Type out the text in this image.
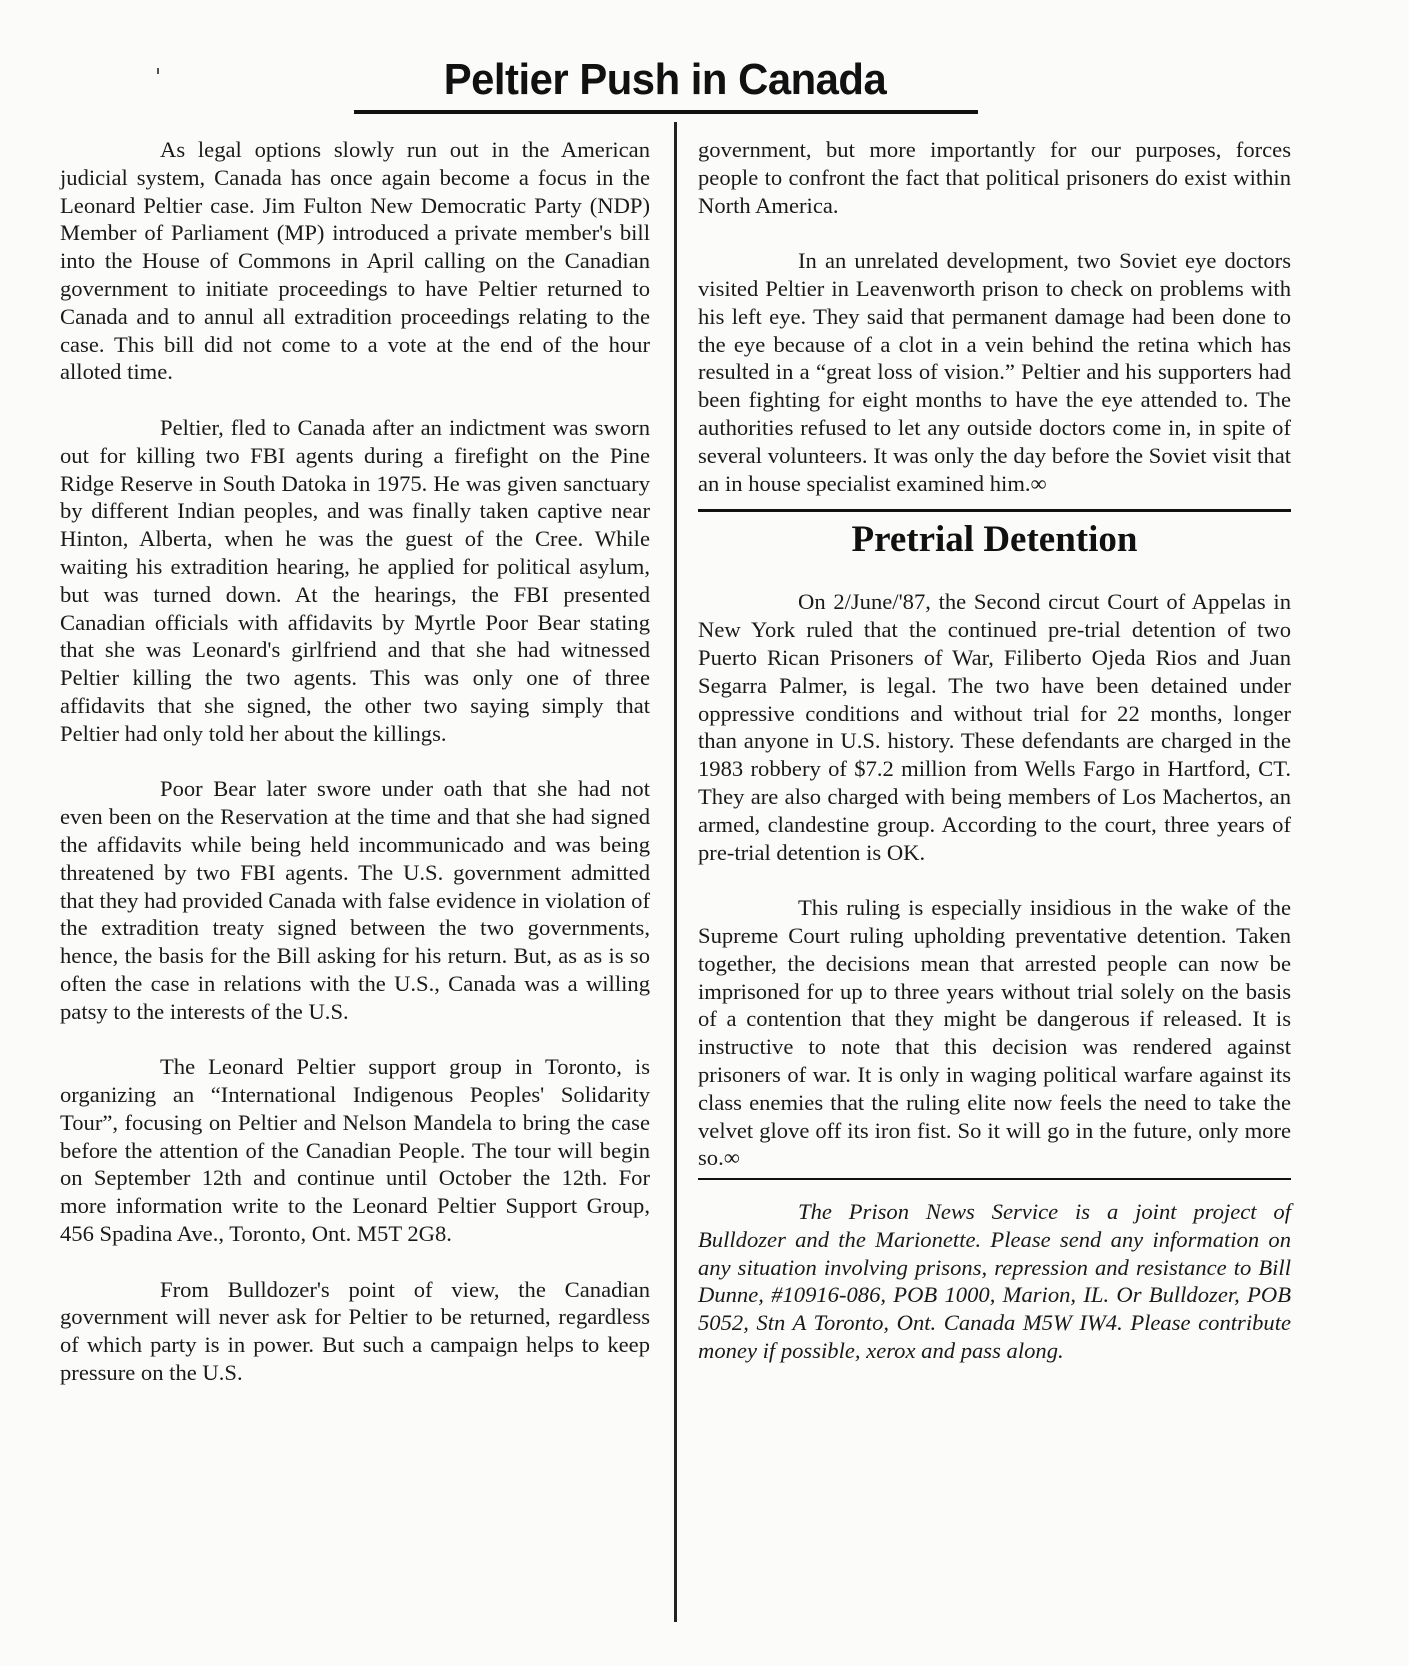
Peltier Push in Canada

As legal options slowly run out in the American judicial system, Canada has once again become a focus in the Leonard Peltier case. Jim Fulton New Democratic Party (NDP) Member of Parliament (MP) introduced a private member's bill into the House of Commons in April calling on the Canadian government to initiate proceedings to have Peltier returned to Canada and to annul all extradition proceedings relating to the case. This bill did not come to a vote at the end of the hour alloted time.

Peltier, fled to Canada after an indictment was sworn out for killing two FBI agents during a firefight on the Pine Ridge Reserve in South Datoka in 1975. He was given sanctuary by different Indian peoples, and was finally taken captive near Hinton, Alberta, when he was the guest of the Cree. While waiting his extradition hearing, he applied for political asylum, but was turned down. At the hearings, the FBI presented Canadian officials with affidavits by Myrtle Poor Bear stating that she was Leonard's girlfriend and that she had witnessed Peltier killing the two agents. This was only one of three affidavits that she signed, the other two saying simply that Peltier had only told her about the killings.

Poor Bear later swore under oath that she had not even been on the Reservation at the time and that she had signed the affidavits while being held incommunicado and was being threatened by two FBI agents. The U.S. government admitted that they had provided Canada with false evidence in violation of the extradition treaty signed between the two governments, hence, the basis for the Bill asking for his return. But, as as is so often the case in relations with the U.S., Canada was a willing patsy to the interests of the U.S.

The Leonard Peltier support group in Toronto, is organizing an “International Indigenous Peoples' Solidarity Tour”, focusing on Peltier and Nelson Mandela to bring the case before the attention of the Canadian People. The tour will begin on September 12th and continue until October the 12th. For more information write to the Leonard Peltier Support Group, 456 Spadina Ave., Toronto, Ont. M5T 2G8.

From Bulldozer's point of view, the Canadian government will never ask for Peltier to be returned, regardless of which party is in power. But such a campaign helps to keep pressure on the U.S.

government, but more importantly for our purposes, forces people to confront the fact that political prisoners do exist within North America.

In an unrelated development, two Soviet eye doctors visited Peltier in Leavenworth prison to check on problems with his left eye. They said that permanent damage had been done to the eye because of a clot in a vein behind the retina which has resulted in a “great loss of vision.” Peltier and his supporters had been fighting for eight months to have the eye attended to. The authorities refused to let any outside doctors come in, in spite of several volunteers. It was only the day before the Soviet visit that an in house specialist examined him.∞

Pretrial Detention

On 2/June/'87, the Second circut Court of Appelas in New York ruled that the continued pre-trial detention of two Puerto Rican Prisoners of War, Filiberto Ojeda Rios and Juan Segarra Palmer, is legal. The two have been detained under oppressive conditions and without trial for 22 months, longer than anyone in U.S. history. These defendants are charged in the 1983 robbery of $7.2 million from Wells Fargo in Hartford, CT. They are also charged with being members of Los Machertos, an armed, clandestine group. According to the court, three years of pre-trial detention is OK.

This ruling is especially insidious in the wake of the Supreme Court ruling upholding preventative detention. Taken together, the decisions mean that arrested people can now be imprisoned for up to three years without trial solely on the basis of a contention that they might be dangerous if released. It is instructive to note that this decision was rendered against prisoners of war. It is only in waging political warfare against its class enemies that the ruling elite now feels the need to take the velvet glove off its iron fist. So it will go in the future, only more so.∞

The Prison News Service is a joint project of Bulldozer and the Marionette. Please send any information on any situation involving prisons, repression and resistance to Bill Dunne, #10916-086, POB 1000, Marion, IL. Or Bulldozer, POB 5052, Stn A Toronto, Ont. Canada M5W IW4. Please contribute money if possible, xerox and pass along.
